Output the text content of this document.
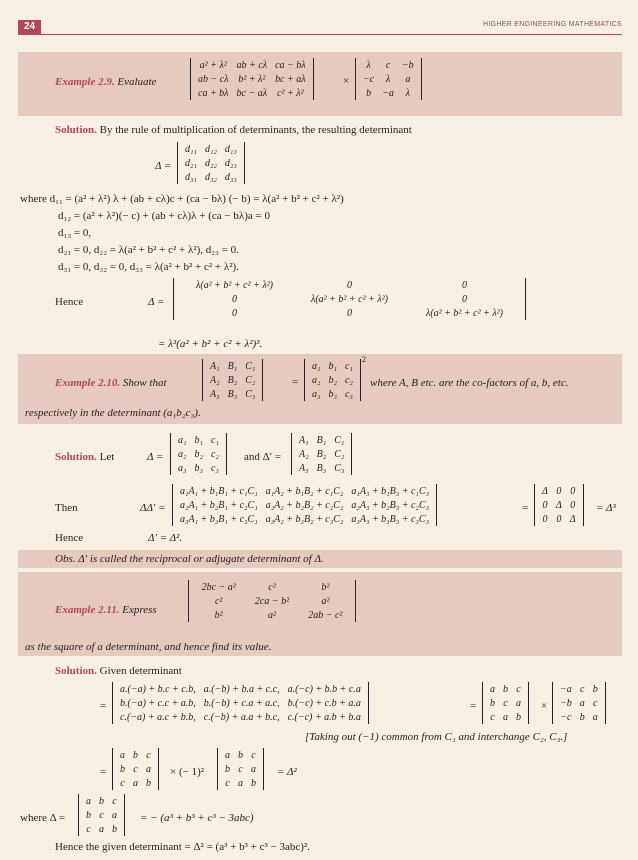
24	HIGHER ENGINEERING MATHEMATICS
Example 2.9. Evaluate
a² + λ²	ab + cλ	ca − bλ
ab − cλ	b² + λ²	bc + aλ
ca + bλ	bc − aλ	c² + λ²
×
λ	c	−b
−c	λ	a
b	−a	λ
Solution. By the rule of multiplication of determinants, the resulting determinant
Δ =
d₁₁	d₁₂	d₁₃
d₂₁	d₂₂	d₂₃
d₃₁	d₃₂	d₃₃
where d₁₁ = (a² + λ²) λ + (ab + cλ)c + (ca − bλ) (− b) = λ(a² + b² + c² + λ²)
d₁₂ = (a² + λ²)(− c) + (ab + cλ)λ + (ca − bλ)a = 0
d₁₃ = 0,
d₂₁ = 0, d₂₂ = λ(a² + b² + c² + λ²), d₂₃ = 0.
d₃₁ = 0, d₃₂ = 0, d₃₃ = λ(a² + b² + c² + λ²).
Hence	Δ =
λ(a² + b² + c² + λ²)	0	0
0	λ(a² + b² + c² + λ²)	0
0	0	λ(a² + b² + c² + λ²)
= λ³(a² + b² + c² + λ²)³.
Example 2.10. Show that
A₁	B₁	C₁
A₂	B₂	C₂
A₃	B₃	C₃
=
a₁	b₁	c₁
a₂	b₂	c₂
a₃	b₃	c₃
2
where A, B etc. are the co-factors of a, b, etc.
respectively in the determinant (a₁b₂c₃).
Solution. Let	Δ =
a₁	b₁	c₁
a₂	b₂	c₂
a₃	b₃	c₃
and Δ′ =
A₁	B₁	C₁
A₂	B₂	C₂
A₃	B₃	C₃
Then	ΔΔ′ =
a₁A₁ + b₁B₁ + c₁C₁	a₁A₂ + b₁B₂ + c₁C₂	a₁A₃ + b₁B₃ + c₁C₃
a₂A₁ + b₂B₁ + c₂C₁	a₂A₂ + b₂B₂ + c₂C₂	a₂A₃ + b₂B₃ + c₂C₃
a₃A₁ + b₃B₁ + c₃C₁	a₃A₂ + b₃B₂ + c₃C₂	a₃A₃ + b₃B₃ + c₃C₃
=
Δ	0	0
0	Δ	0
0	0	Δ
= Δ³
Hence	Δ′ = Δ².
Obs. Δ′ is called the reciprocal or adjugate determinant of Δ.
Example 2.11. Express
2bc − a²	c²	b²
c²	2ca − b²	a²
b²	a²	2ab − c²
as the square of a determinant, and hence find its value.
Solution. Given determinant
=
a.(−a) + b.c + c.b,	a.(−b) + b.a + c.c,	a.(−c) + b.b + c.a
b.(−a) + c.c + a.b,	b.(−b) + c.a + a.c,	b.(−c) + c.b + a.a
c.(−a) + a.c + b.b,	c.(−b) + a.a + b.c,	c.(−c) + a.b + b.a
=
a	b	c
b	c	a
c	a	b
×
−a	c	b
−b	a	c
−c	b	a
[Taking out (−1) common from C₁ and interchange C₂, C₃.]
=
a	b	c
b	c	a
c	a	b
× (− 1)²
a	b	c
b	c	a
c	a	b
= Δ²
where Δ =
a	b	c
b	c	a
c	a	b
= − (a³ + b³ + c³ − 3abc)
Hence the given determinant = Δ² = (a³ + b³ + c³ − 3abc)².
